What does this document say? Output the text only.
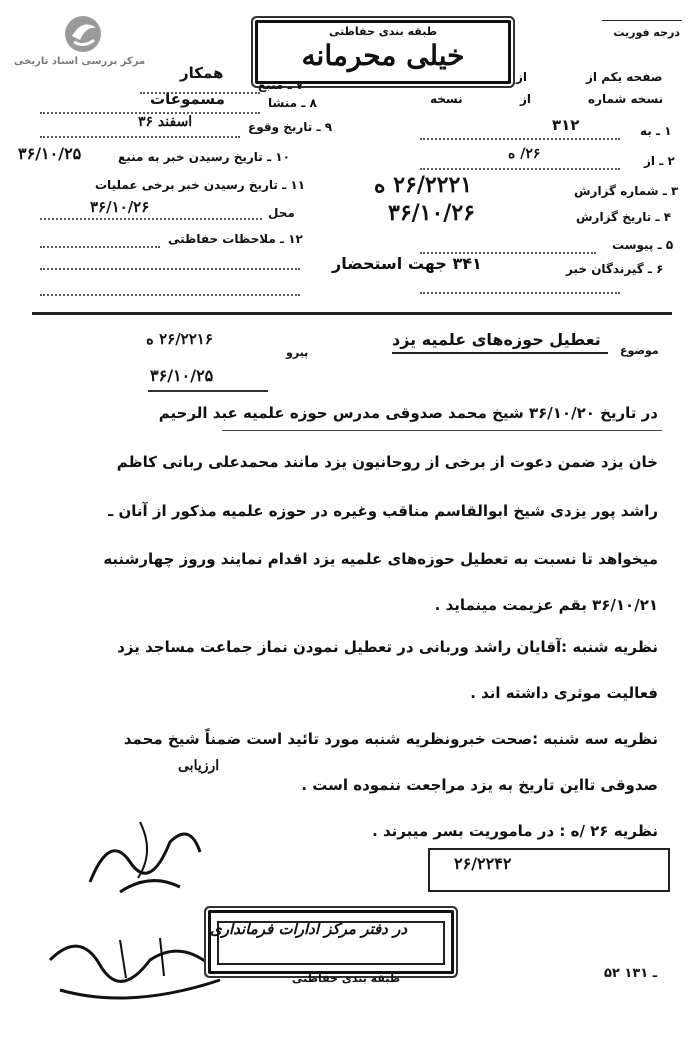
مرکز بررسی اسناد تاریخی
درجه فوریت
طبقه بندی حفاظتی
خیلی محرمانه
همکار
۷ ـ منبع
۸ ـ منشا
مسموعات
۹ ـ تاریخ وقوع
اسفند ۳۶
۱۰ ـ تاریخ رسیدن خبر به منبع
۳۶/۱۰/۲۵
۱۱ ـ تاریخ رسیدن خبر برخی عملیات
محل
۳۶/۱۰/۲۶
۱۲ ـ ملاحظات حفاظتی
صفحه یکم از
از
نسخه شماره
از
نسخه
۱ ـ به
۳۱۲
۲ ـ از
۲۶/ ه
۳ ـ شماره گزارش
۲۶/۲۲۲۱ ه
۴ ـ تاریخ گزارش
۳۶/۱۰/۲۶
۵ ـ پیوست
۶ ـ گیرندگان خبر
۳۴۱ جهت استحضار
موضوع
تعطیل حوزه‌های علمیه یزد
۲۶/۲۲۱۶ ه
پیرو
۳۶/۱۰/۲۵
در تاریخ ۳۶/۱۰/۲۰ شیخ محمد صدوقی مدرس حوزه علمیه عبد الرحیم
خان یزد ضمن دعوت از برخی از روحانیون یزد مانند محمدعلی ربانی کاظم
راشد پور یزدی شیخ ابوالقاسم مناقب وغیره در حوزه علمیه مذکور از آنان ـ
میخواهد تا نسبت به تعطیل حوزه‌های علمیه یزد اقدام نمایند وروز چهارشنبه
۳۶/۱۰/۲۱ بقم عزیمت مینماید .
نظریه شنبه :آقایان راشد وربانی در تعطیل نمودن نماز جماعت مساجد یزد
فعالیت موثری داشته اند .
نظریه سه شنبه :صحت خبرونظریه شنبه مورد تائید است ضمناً شیخ محمد
صدوقی تااین تاریخ به یزد مراجعت ننموده است .
ارزیابی
نظریه ۲۶ /ه : در ماموریت بسر میبرند .
۲۶/۲۲۴۲
در دفتر مرکز ادارات فرمانداری
طبقه بندی حفاظتی	۵۲ ـ ۱۳۱
